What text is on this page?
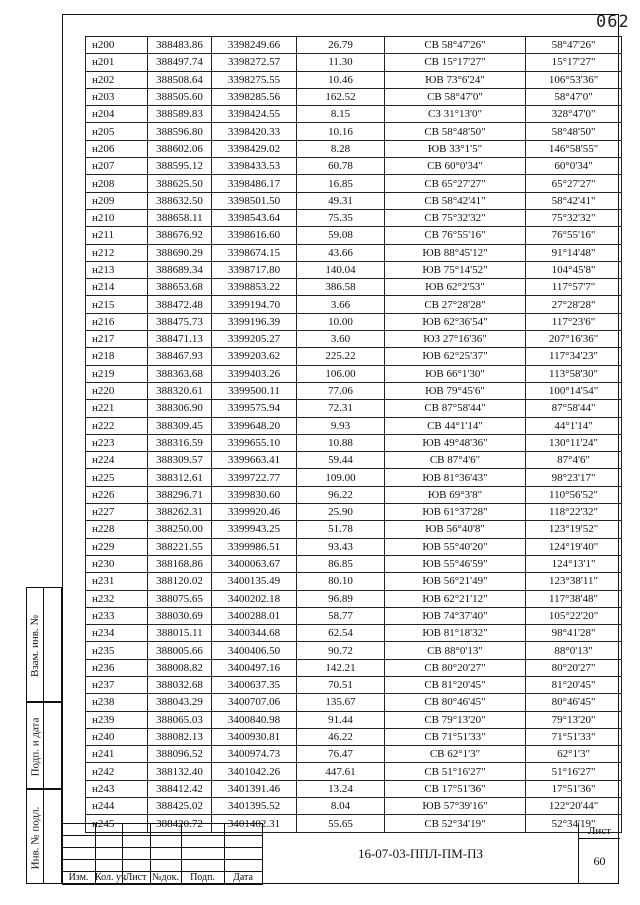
062
н200	388483.86	3398249.66	26.79	СВ 58°47'26"	58°47'26"
н201	388497.74	3398272.57	11.30	СВ 15°17'27"	15°17'27"
н202	388508.64	3398275.55	10.46	ЮВ 73°6'24"	106°53'36"
н203	388505.60	3398285.56	162.52	СВ 58°47'0"	58°47'0"
н204	388589.83	3398424.55	8.15	СЗ 31°13'0"	328°47'0"
н205	388596.80	3398420.33	10.16	СВ 58°48'50"	58°48'50"
н206	388602.06	3398429.02	8.28	ЮВ 33°1'5"	146°58'55"
н207	388595.12	3398433.53	60.78	СВ 60°0'34"	60°0'34"
н208	388625.50	3398486.17	16.85	СВ 65°27'27"	65°27'27"
н209	388632.50	3398501.50	49.31	СВ 58°42'41"	58°42'41"
н210	388658.11	3398543.64	75.35	СВ 75°32'32"	75°32'32"
н211	388676.92	3398616.60	59.08	СВ 76°55'16"	76°55'16"
н212	388690.29	3398674.15	43.66	ЮВ 88°45'12"	91°14'48"
н213	388689.34	3398717.80	140.04	ЮВ 75°14'52"	104°45'8"
н214	388653.68	3398853.22	386.58	ЮВ 62°2'53"	117°57'7"
н215	388472.48	3399194.70	3.66	СВ 27°28'28"	27°28'28"
н216	388475.73	3399196.39	10.00	ЮВ 62°36'54"	117°23'6"
н217	388471.13	3399205.27	3.60	ЮЗ 27°16'36"	207°16'36"
н218	388467.93	3399203.62	225.22	ЮВ 62°25'37"	117°34'23"
н219	388363.68	3399403.26	106.00	ЮВ 66°1'30"	113°58'30"
н220	388320.61	3399500.11	77.06	ЮВ 79°45'6"	100°14'54"
н221	388306.90	3399575.94	72.31	СВ 87°58'44"	87°58'44"
н222	388309.45	3399648.20	9.93	СВ 44°1'14"	44°1'14"
н223	388316.59	3399655.10	10.88	ЮВ 49°48'36"	130°11'24"
н224	388309.57	3399663.41	59.44	СВ 87°4'6"	87°4'6"
н225	388312.61	3399722.77	109.00	ЮВ 81°36'43"	98°23'17"
н226	388296.71	3399830.60	96.22	ЮВ 69°3'8"	110°56'52"
н227	388262.31	3399920.46	25.90	ЮВ 61°37'28"	118°22'32"
н228	388250.00	3399943.25	51.78	ЮВ 56°40'8"	123°19'52"
н229	388221.55	3399986.51	93.43	ЮВ 55°40'20"	124°19'40"
н230	388168.86	3400063.67	86.85	ЮВ 55°46'59"	124°13'1"
н231	388120.02	3400135.49	80.10	ЮВ 56°21'49"	123°38'11"
н232	388075.65	3400202.18	96.89	ЮВ 62°21'12"	117°38'48"
н233	388030.69	3400288.01	58.77	ЮВ 74°37'40"	105°22'20"
н234	388015.11	3400344.68	62.54	ЮВ 81°18'32"	98°41'28"
н235	388005.66	3400406.50	90.72	СВ 88°0'13"	88°0'13"
н236	388008.82	3400497.16	142.21	СВ 80°20'27"	80°20'27"
н237	388032.68	3400637.35	70.51	СВ 81°20'45"	81°20'45"
н238	388043.29	3400707.06	135.67	СВ 80°46'45"	80°46'45"
н239	388065.03	3400840.98	91.44	СВ 79°13'20"	79°13'20"
н240	388082.13	3400930.81	46.22	СВ 71°51'33"	71°51'33"
н241	388096.52	3400974.73	76.47	СВ 62°1'3"	62°1'3"
н242	388132.40	3401042.26	447.61	СВ 51°16'27"	51°16'27"
н243	388412.42	3401391.46	13.24	СВ 17°51'36"	17°51'36"
н244	388425.02	3401395.52	8.04	ЮВ 57°39'16"	122°20'44"
н245	388420.72	3401402.31	55.65	СВ 52°34'19"	52°34'19"
Взам. инв. №
Подп. и дата
Инв. № подл.

Изм. Кол. уч Лист №док.	Подп.	Дата
16-07-03-ППЛ-ПМ-ПЗ
Лист
60
